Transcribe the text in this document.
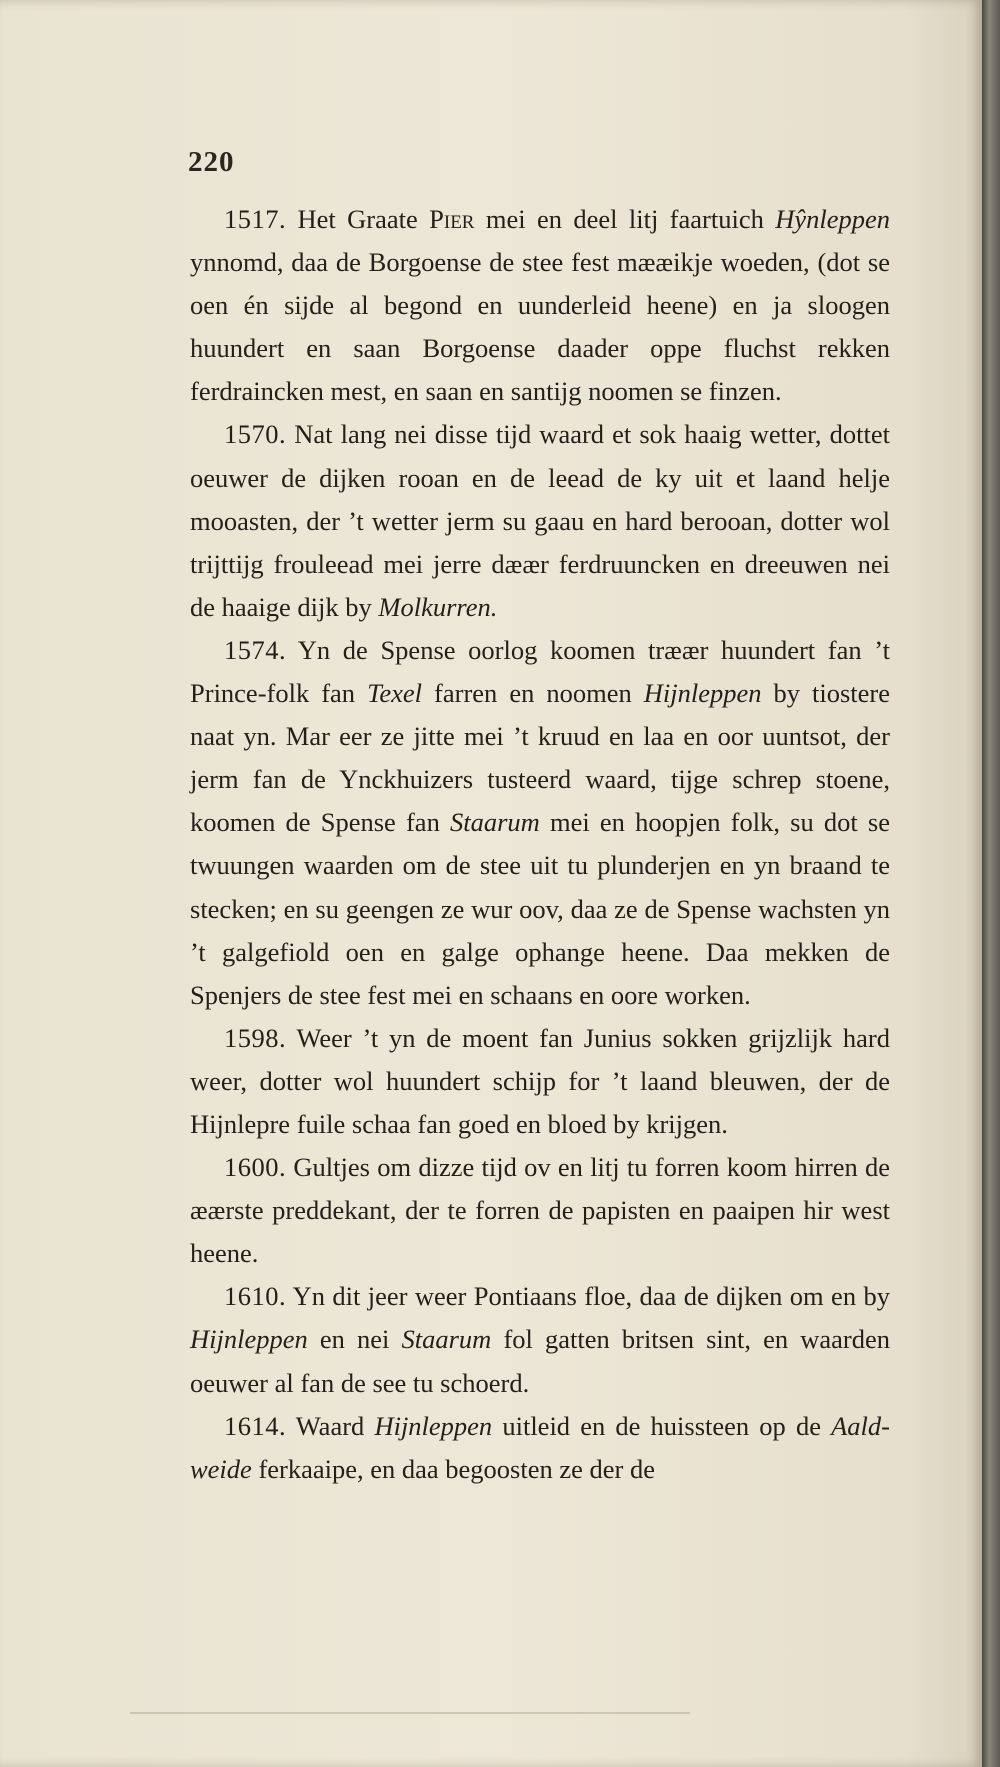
220

1517. Het Graate Pier mei en deel litj faartuich Hŷnleppen ynnomd, daa de Borgoense de stee fest mææikje woeden, (dot se oen én sijde al begond en uunderleid heene) en ja sloogen huundert en saan Borgoense daader oppe fluchst rekken ferdraincken mest, en saan en santijg noomen se finzen.

1570. Nat lang nei disse tijd waard et sok haaig wetter, dottet oeuwer de dijken rooan en de leead de ky uit et laand helje mooasten, der ’t wetter jerm su gaau en hard berooan, dotter wol trijttijg frouleead mei jerre dæær ferdruuncken en dreeuwen nei de haaige dijk by Molkurren.

1574. Yn de Spense oorlog koomen træær huundert fan ’t Prince-folk fan Texel farren en noomen Hijnleppen by tiostere naat yn. Mar eer ze jitte mei ’t kruud en laa en oor uuntsot, der jerm fan de Ynckhuizers tusteerd waard, tijge schrep stoene, koomen de Spense fan Staarum mei en hoopjen folk, su dot se twuungen waarden om de stee uit tu plunderjen en yn braand te stecken; en su geengen ze wur oov, daa ze de Spense wachsten yn ’t galgefiold oen en galge ophange heene. Daa mekken de Spenjers de stee fest mei en schaans en oore worken.

1598. Weer ’t yn de moent fan Junius sokken grijzlijk hard weer, dotter wol huundert schijp for ’t laand bleuwen, der de Hijnlepre fuile schaa fan goed en bloed by krijgen.

1600. Gultjes om dizze tijd ov en litj tu forren koom hirren de æærste preddekant, der te forren de papisten en paaipen hir west heene.

1610. Yn dit jeer weer Pontiaans floe, daa de dijken om en by Hijnleppen en nei Staarum fol gatten britsen sint, en waarden oeuwer al fan de see tu schoerd.

1614. Waard Hijnleppen uitleid en de huissteen op de Aald-weide ferkaaipe, en daa begoosten ze der de
